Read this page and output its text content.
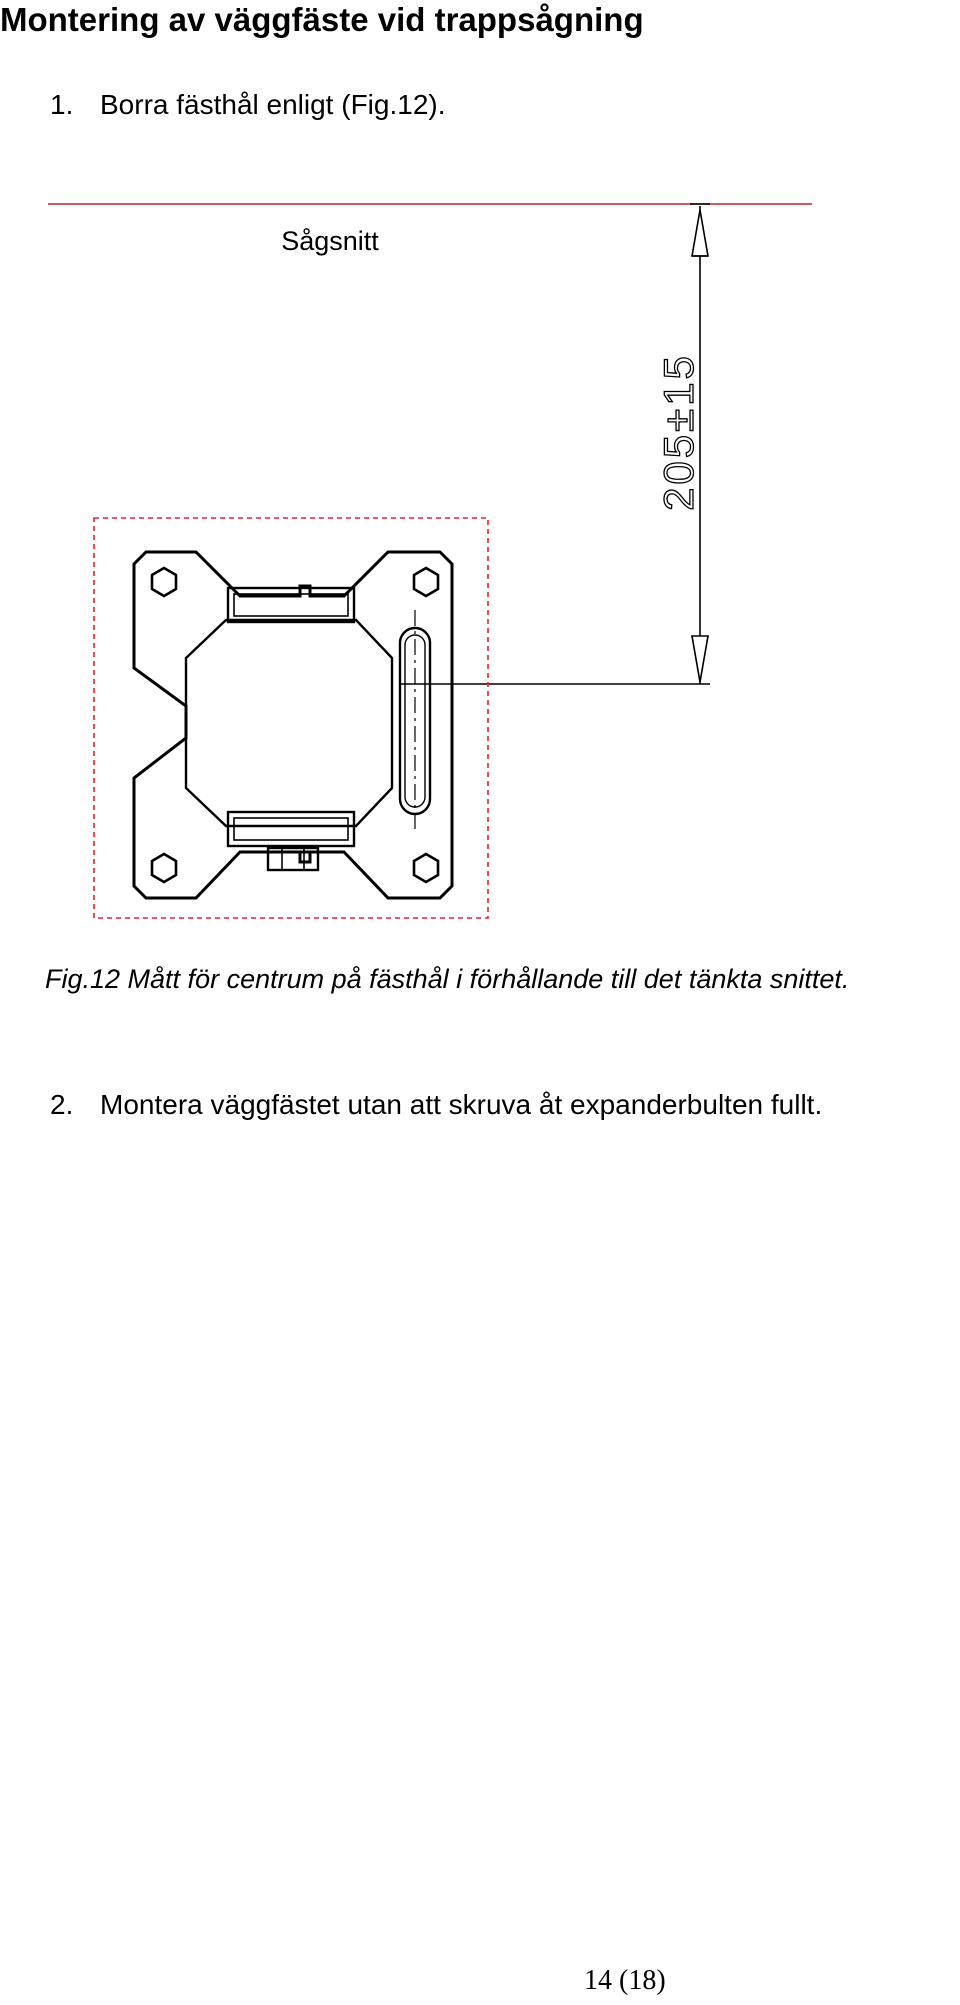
Montering av väggfäste vid trappsågning
1. Borra fästhål enligt (Fig.12).
Sågsnitt
205±15
Fig.12 Mått för centrum på fästhål i förhållande till det tänkta snittet.
2. Montera väggfästet utan att skruva åt expanderbulten fullt.
14 (18)
